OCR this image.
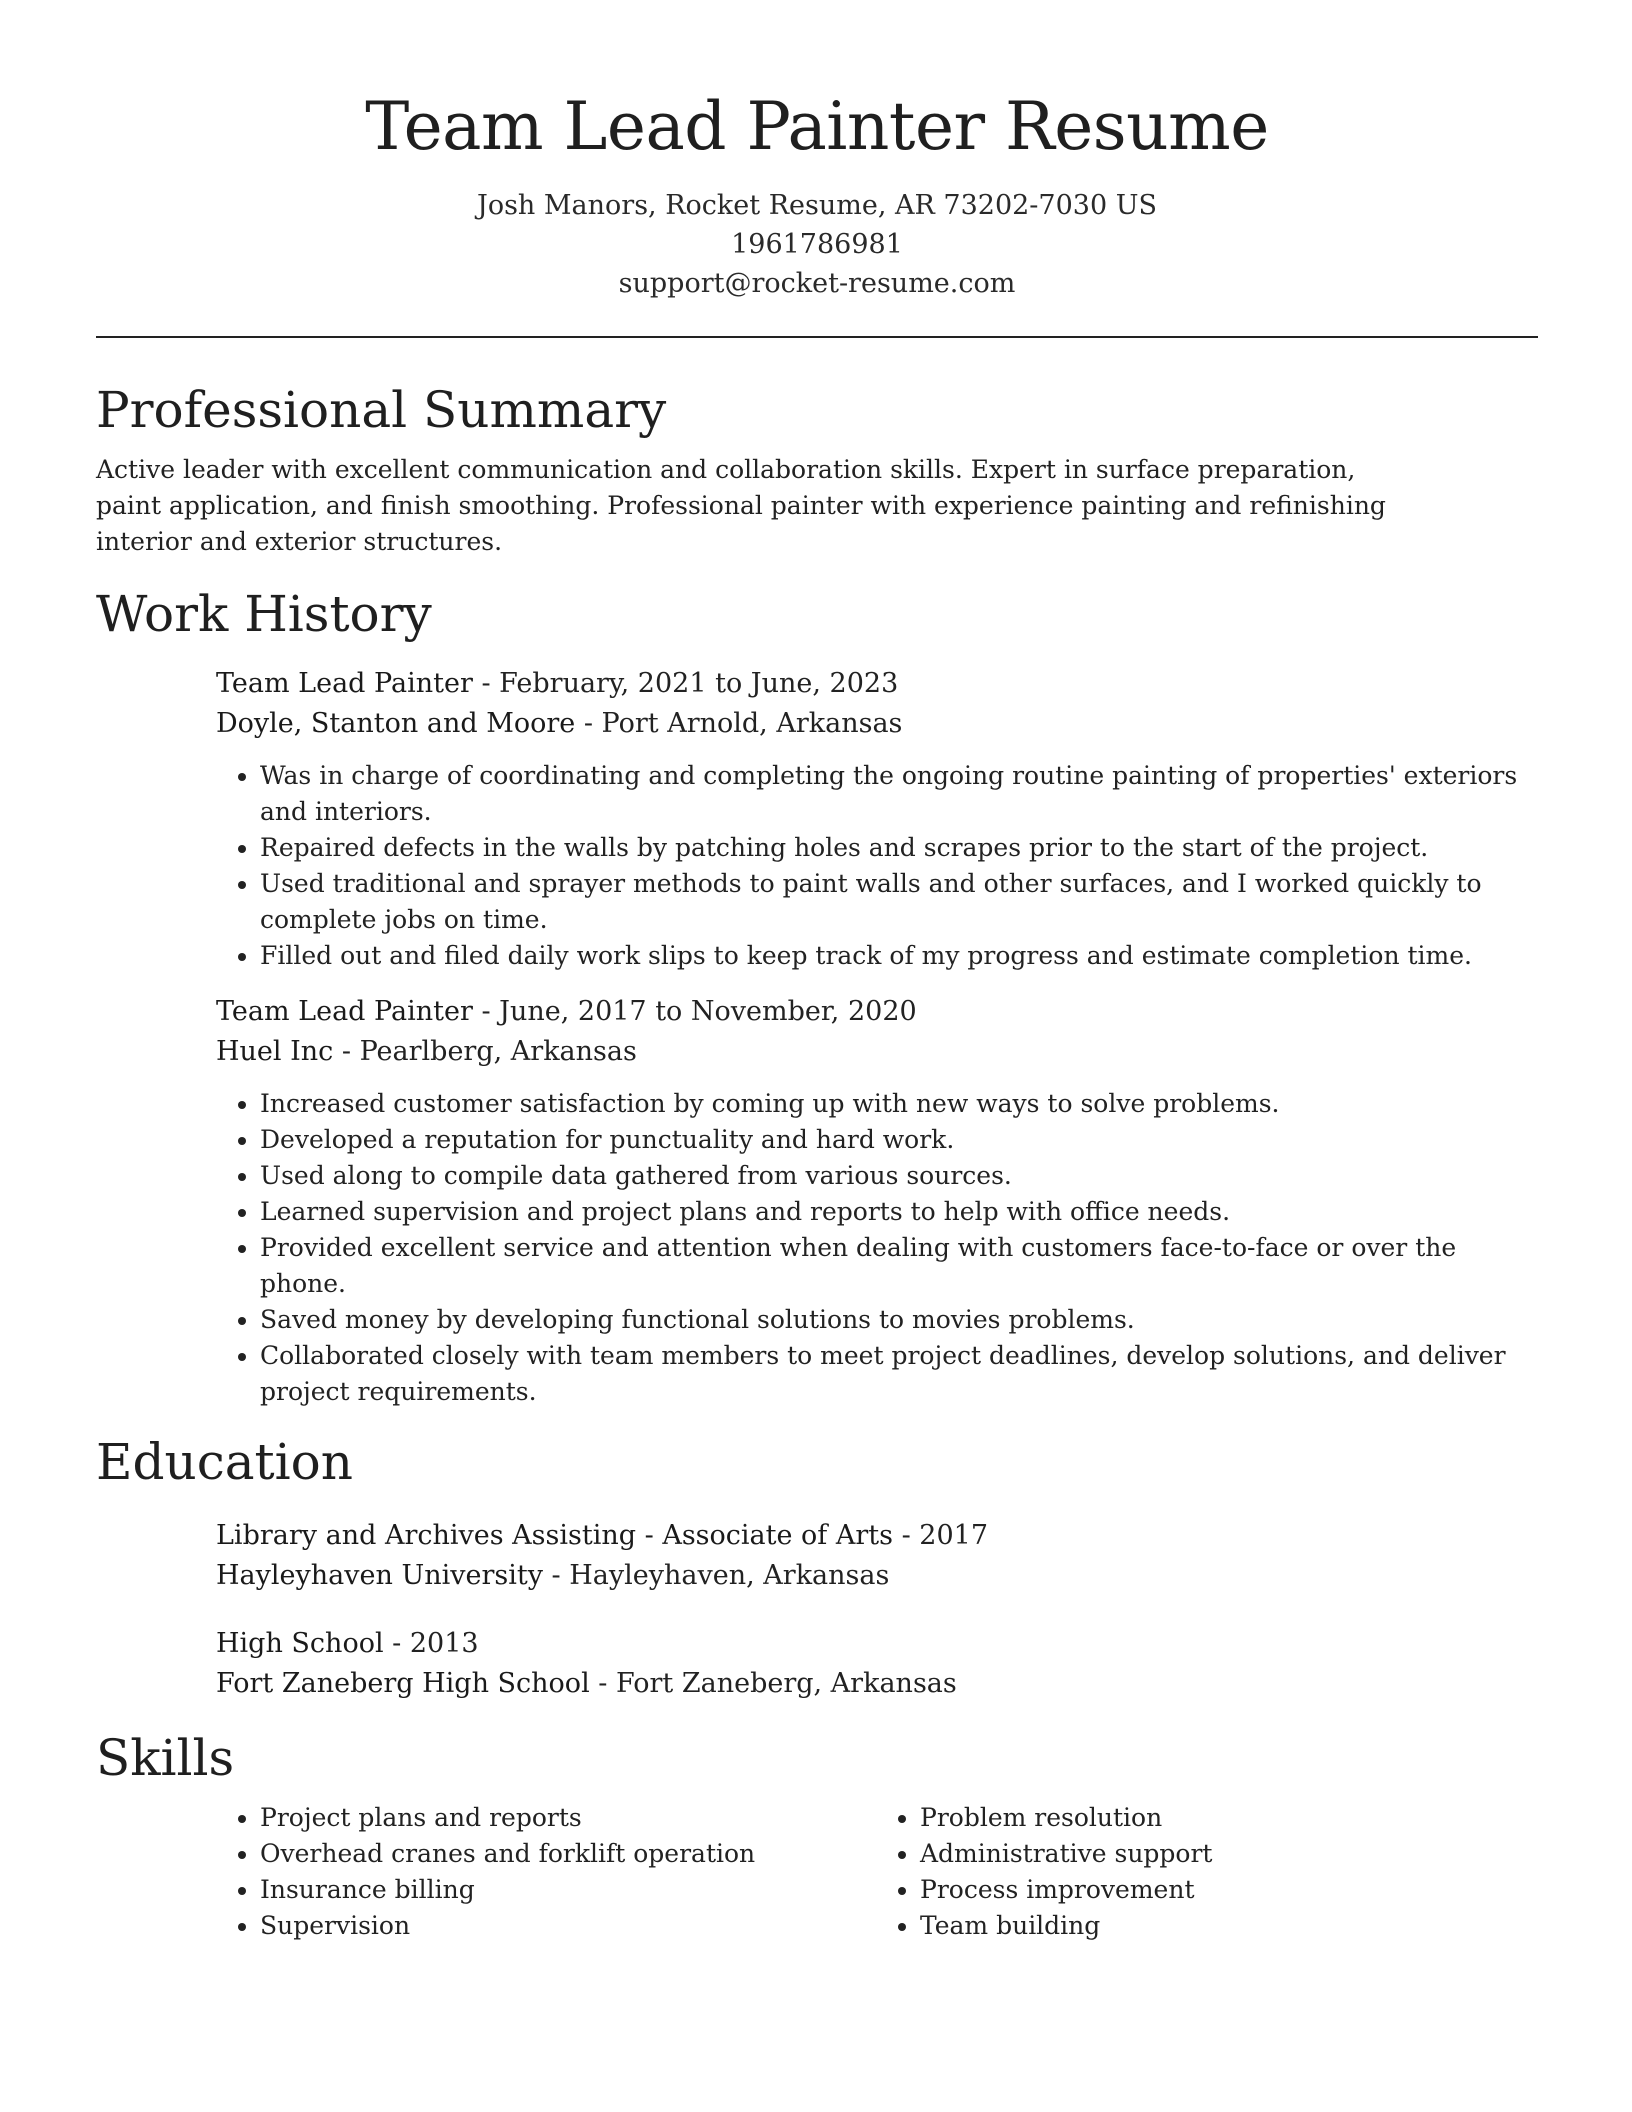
Team Lead Painter Resume
Josh Manors, Rocket Resume, AR 73202-7030 US
1961786981
support@rocket-resume.com
Professional Summary

Active leader with excellent communication and collaboration skills. Expert in surface preparation, paint application, and finish smoothing. Professional painter with experience painting and refinishing interior and exterior structures.

Work History
Team Lead Painter - February, 2021 to June, 2023
Doyle, Stanton and Moore - Port Arnold, Arkansas
• Was in charge of coordinating and completing the ongoing routine painting of properties' exteriors and interiors.
• Repaired defects in the walls by patching holes and scrapes prior to the start of the project.
• Used traditional and sprayer methods to paint walls and other surfaces, and I worked quickly to complete jobs on time.
• Filled out and filed daily work slips to keep track of my progress and estimate completion time.
Team Lead Painter - June, 2017 to November, 2020
Huel Inc - Pearlberg, Arkansas
• Increased customer satisfaction by coming up with new ways to solve problems.
• Developed a reputation for punctuality and hard work.
• Used along to compile data gathered from various sources.
• Learned supervision and project plans and reports to help with office needs.
• Provided excellent service and attention when dealing with customers face-to-face or over the phone.
• Saved money by developing functional solutions to movies problems.
• Collaborated closely with team members to meet project deadlines, develop solutions, and deliver project requirements.
Education
Library and Archives Assisting - Associate of Arts - 2017
Hayleyhaven University - Hayleyhaven, Arkansas
High School - 2013
Fort Zaneberg High School - Fort Zaneberg, Arkansas
Skills
• Project plans and reports
• Overhead cranes and forklift operation
• Insurance billing
• Supervision
• Problem resolution
• Administrative support
• Process improvement
• Team building
